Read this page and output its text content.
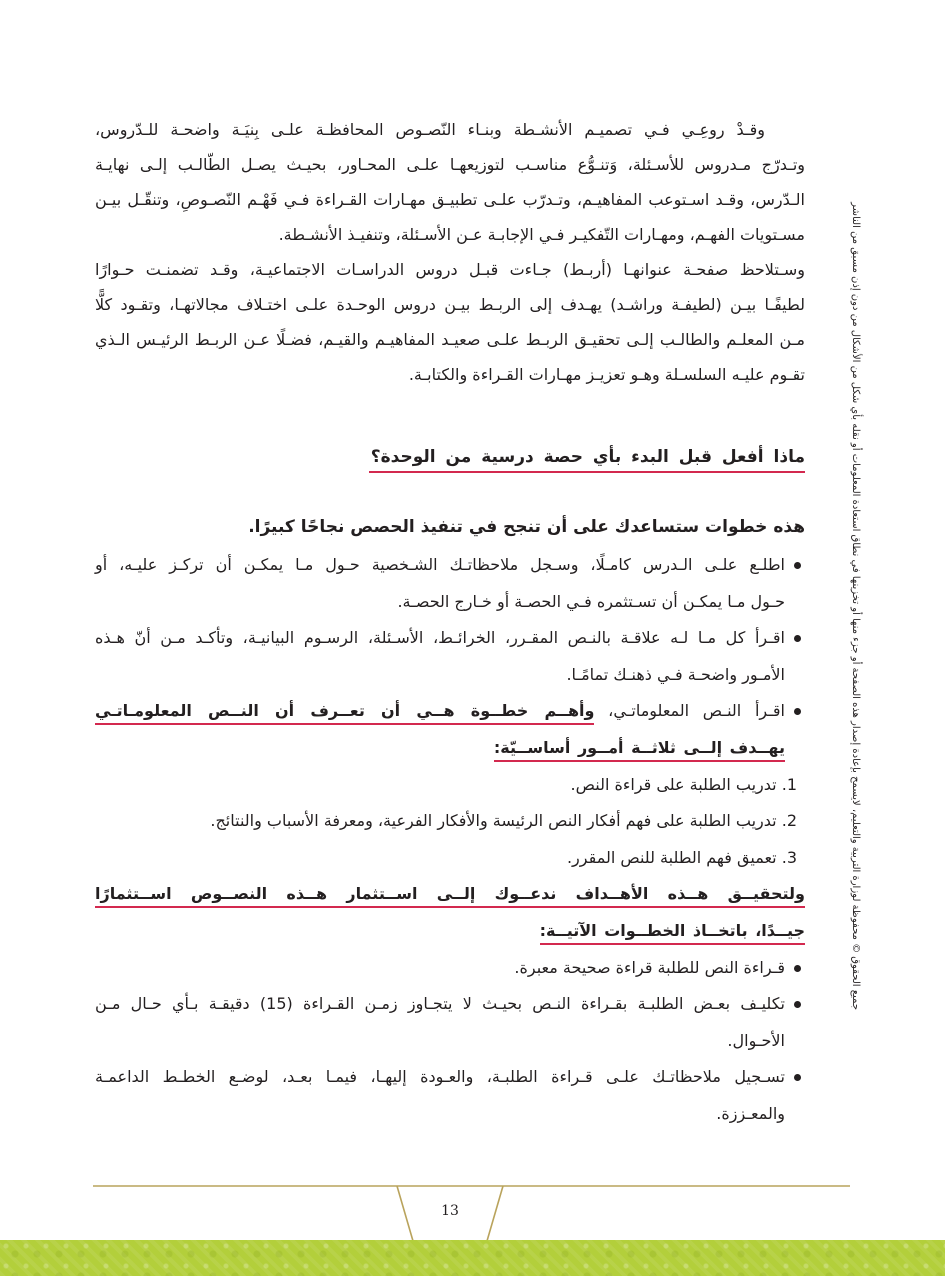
جميع الحقوق © محفوظة لوزارة التربية والتعليم، لايسمح بإعادة إصدار هذه الصفحة أو جزء منها أو تخزينها في نطاق استعادة المعلومات أو نقله بأي شكل من الأشكال من دون إذن مسبق من الناشر
وقـدْ روعِـي فـي تصميـم الأنشـطة وبنـاء النّصـوص المحافظـة علـى بِنيَـة واضحـة للـدّروس،
وتـدرّج مـدروس للأسـئلة، وَتنـوُّع مناسـب لتوزيعهـا علـى المحـاور، بحيـث يصـل الطّالـب إلـى نهايـة
الـدّرس، وقـد اسـتوعب المفاهيـم، وتـدرّب علـى تطبيـق مهـارات القـراءة فـي فَهْـم النّصـوصِ، وتنقّـل بيـن
مسـتويات الفهـم، ومهـارات التّفكيـر فـي الإجابـة عـن الأسـئلة، وتنفيـذ الأنشـطة.
وسـتلاحظ صفحـة عنوانهـا (أربـط) جـاءت قبـل دروس الدراسـات الاجتماعيـة، وقـد تضمنـت حـوارًا
لطيفًـا بيـن (لطيفـة وراشـد) يهـدف إلى الربـط بيـن دروس الوحـدة علـى اختـلاف مجالاتهـا، وتقـود كلًّا
مـن المعلـم والطالـب إلـى تحقيـق الربـط علـى صعيـد المفاهيـم والقيـم، فضـلًا عـن الربـط الرئيـس الـذي
تقـوم عليـه السلسـلة وهـو تعزيـز مهـارات القـراءة والكتابـة.
ماذا أفعل قبل البدء بأي حصة درسية من الوحدة؟
هذه خطوات ستساعدك على أن تنجح في تنفيذ الحصص نجاحًا كبيرًا.
اطلـع علـى الـدرس كامـلًا، وسـجل ملاحظاتـك الشـخصية حـول مـا يمكـن أن تركـز عليـه، أو
حـول مـا يمكـن أن تسـتثمره فـي الحصـة أو خـارج الحصـة.
اقـرأ كل مـا لـه علاقـة بالنـص المقـرر، الخرائـط، الأسـئلة، الرسـوم البيانيـة، وتأكـد مـن أنّ هـذه
الأمـور واضحـة فـي ذهنـك تمامًـا.
اقـرأ النـص المعلوماتـي، وأهــم خطــوة هــي أن تعــرف أن النــص المعلومـاتـي
يهــدف إلــى ثلاثــة أمــور أساســيّة:
1. تدريب الطلبة على قراءة النص.
2. تدريب الطلبة على فهم أفكار النص الرئيسة والأفكار الفرعية، ومعرفة الأسباب والنتائج.
3. تعميق فهم الطلبة للنص المقرر.
ولتحقيــق هــذه الأهــداف ندعــوك إلــى اســتثمار هــذه النصــوص اســتثمارًا
جيــدًا، باتخــاذ الخطــوات الآتيــة:
قـراءة النص للطلبة قراءة صحيحة معبرة.
تكليـف بعـض الطلبـة بقـراءة النـص بحيـث لا يتجـاوز زمـن القـراءة (15) دقيقـة بـأي حـال مـن
الأحـوال.
تسـجيل ملاحظاتـك علـى قـراءة الطلبـة، والعـودة إليهـا، فيمـا بعـد، لوضـع الخطـط الداعمـة
والمعـززة.
13
